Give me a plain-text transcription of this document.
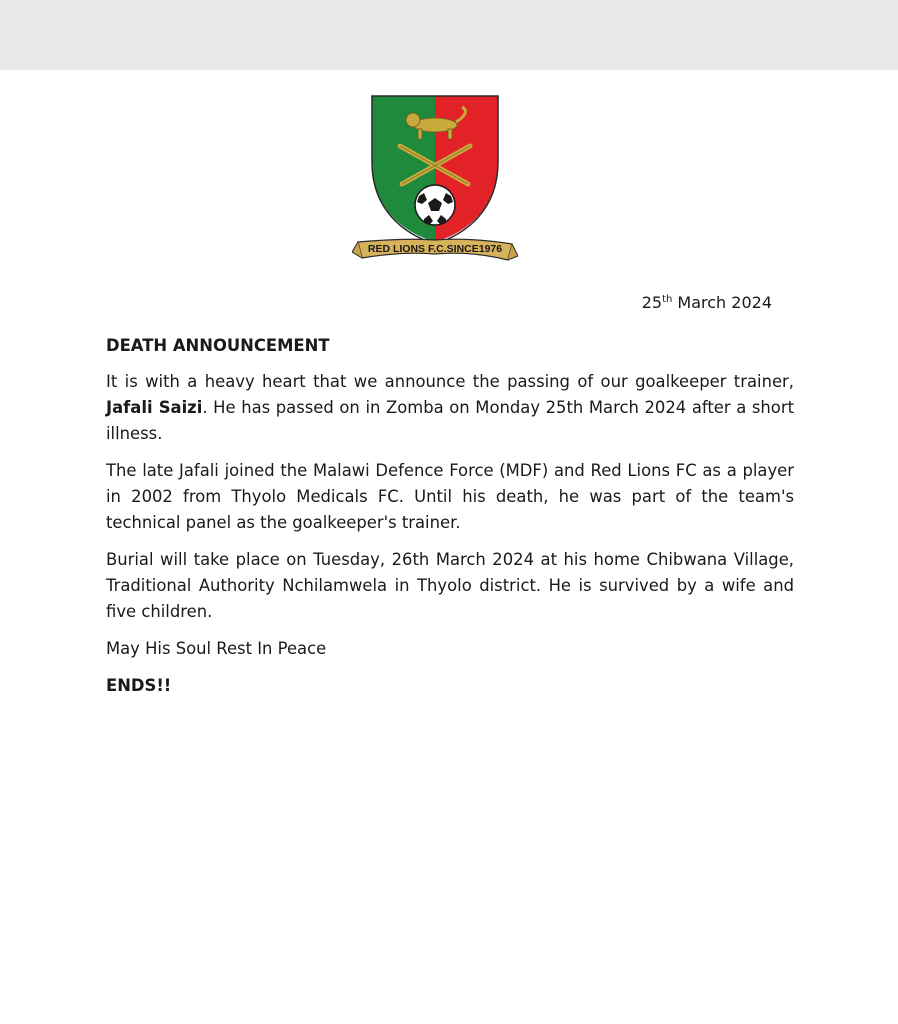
RED LIONS F.C.SINCE1976
25th March 2024
DEATH ANNOUNCEMENT
It is with a heavy heart that we announce the passing of our goalkeeper trainer, Jafali Saizi. He has passed on in Zomba on Monday 25th March 2024 after a short illness.
The late Jafali joined the Malawi Defence Force (MDF) and Red Lions FC as a player in 2002 from Thyolo Medicals FC. Until his death, he was part of the team's technical panel as the goalkeeper's trainer.
Burial will take place on Tuesday, 26th March 2024 at his home Chibwana Village, Traditional Authority Nchilamwela in Thyolo district. He is survived by a wife and five children.
May His Soul Rest In Peace
ENDS!!
